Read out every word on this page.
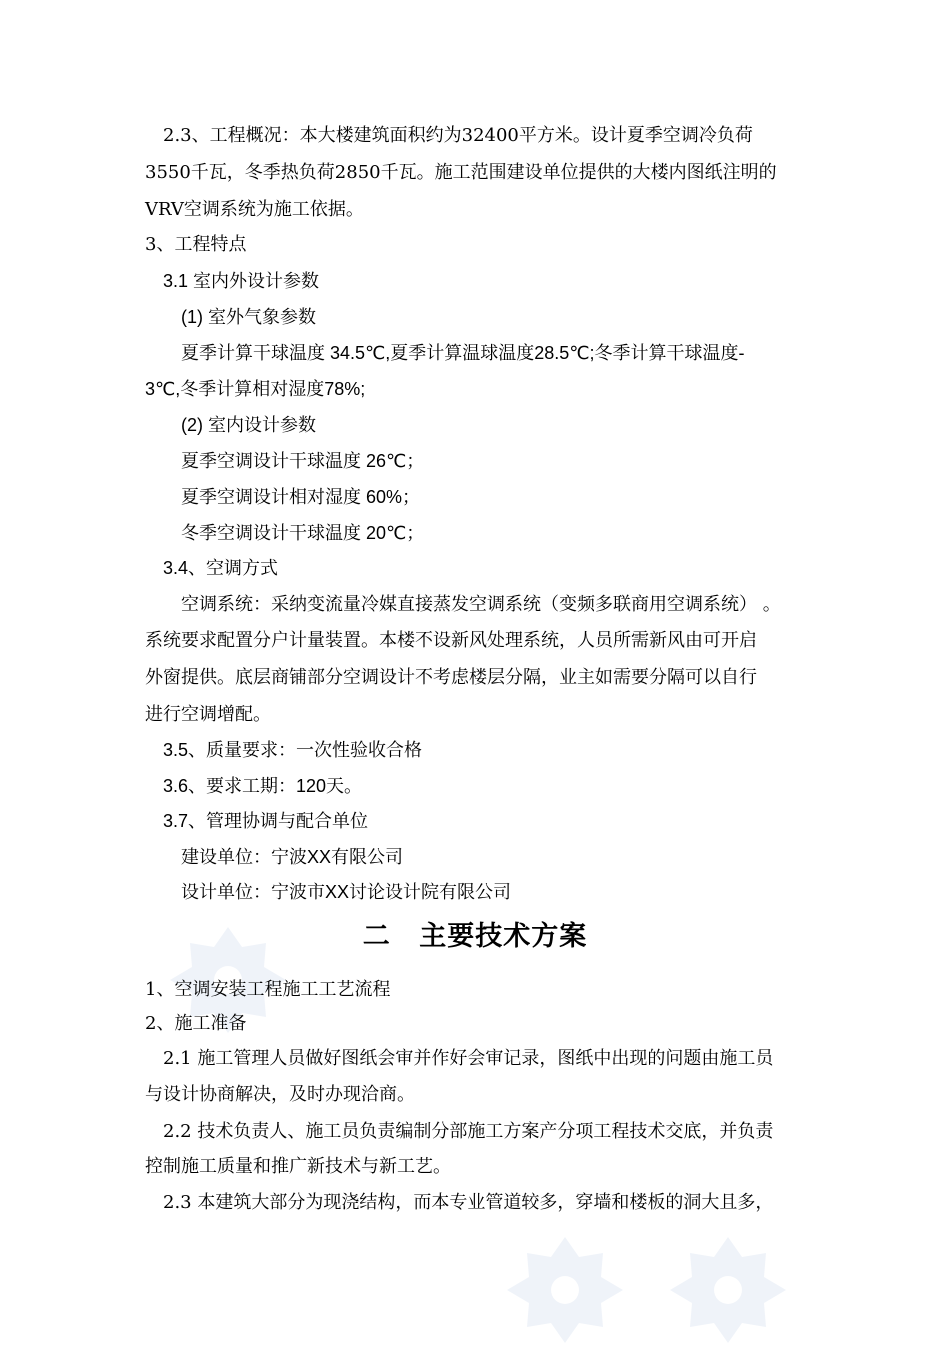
2.3、工程概况：本大楼建筑面积约为32400平方米。设计夏季空调冷负荷
3550千瓦，冬季热负荷2850千瓦。施工范围建设单位提供的大楼内图纸注明的
VRV空调系统为施工依据。
3、工程特点
3.1 室内外设计参数
(1) 室外气象参数
夏季计算干球温度 34.5℃,夏季计算温球温度28.5℃;冬季计算干球温度-
3℃,冬季计算相对湿度78%;
(2) 室内设计参数
夏季空调设计干球温度 26℃；
夏季空调设计相对湿度 60%；
冬季空调设计干球温度 20℃；
3.4、空调方式
空调系统：采纳变流量冷媒直接蒸发空调系统（变频多联商用空调系统） 。
系统要求配置分户计量装置。本楼不设新风处理系统，人员所需新风由可开启
外窗提供。底层商铺部分空调设计不考虑楼层分隔，业主如需要分隔可以自行
进行空调增配。
3.5、质量要求：一次性验收合格
3.6、要求工期：120天。
3.7、管理协调与配合单位
建设单位：宁波XX有限公司
设计单位：宁波市XX讨论设计院有限公司
二 主要技术方案
1、空调安装工程施工工艺流程
2、施工准备
2.1 施工管理人员做好图纸会审并作好会审记录，图纸中出现的问题由施工员
与设计协商解决，及时办现洽商。
2.2 技术负责人、施工员负责编制分部施工方案产分项工程技术交底，并负责
控制施工质量和推广新技术与新工艺。
2.3 本建筑大部分为现浇结构，而本专业管道较多，穿墙和楼板的洞大且多，
